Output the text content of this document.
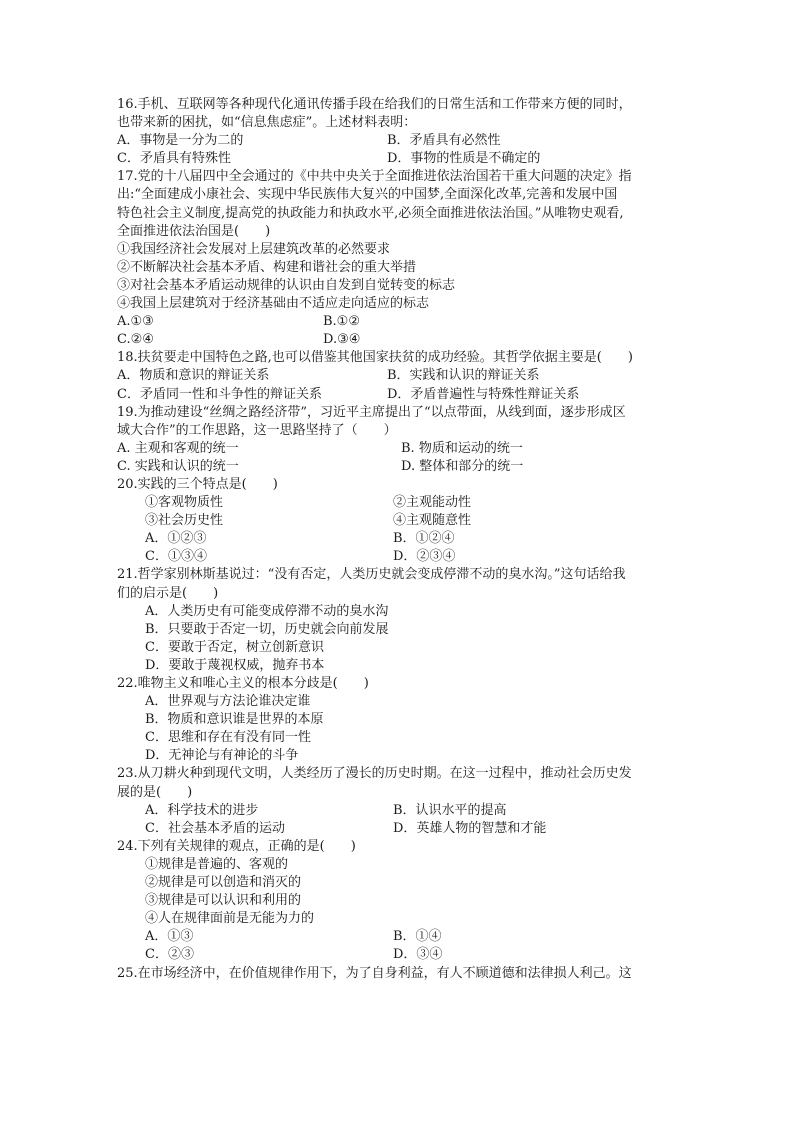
16.手机、互联网等各种现代化通讯传播手段在给我们的日常生活和工作带来方便的同时，
也带来新的困扰，如“信息焦虑症”。上述材料表明：
A．事物是一分为二的	B．矛盾具有必然性
C．矛盾具有特殊性	D．事物的性质是不确定的
17.党的十八届四中全会通过的《中共中央关于全面推进依法治国若干重大问题的决定》指
出:“全面建成小康社会、实现中华民族伟大复兴的中国梦,全面深化改革,完善和发展中国
特色社会主义制度,提高党的执政能力和执政水平,必须全面推进依法治国。”从唯物史观看,
全面推进依法治国是(　　)
①我国经济社会发展对上层建筑改革的必然要求
②不断解决社会基本矛盾、构建和谐社会的重大举措
③对社会基本矛盾运动规律的认识由自发到自觉转变的标志
④我国上层建筑对于经济基础由不适应走向适应的标志
A.①③	B.①②
C.②④	D.③④
18.扶贫要走中国特色之路,也可以借鉴其他国家扶贫的成功经验。其哲学依据主要是(　　)
A．物质和意识的辩证关系	B．实践和认识的辩证关系
C．矛盾同一性和斗争性的辩证关系	D．矛盾普遍性与特殊性辩证关系
19.为推动建设“丝绸之路经济带”，习近平主席提出了“以点带面，从线到面，逐步形成区
域大合作”的工作思路，这一思路坚持了（　　）
A. 主观和客观的统一	B. 物质和运动的统一
C. 实践和认识的统一	D. 整体和部分的统一
20.实践的三个特点是(　　)
①客观物质性	②主观能动性
③社会历史性	④主观随意性
A．①②③	B．①②④
C．①③④	D．②③④
21.哲学家别林斯基说过：“没有否定，人类历史就会变成停滞不动的臭水沟。”这句话给我
们的启示是(　　)
A．人类历史有可能变成停滞不动的臭水沟
B．只要敢于否定一切，历史就会向前发展
C．要敢于否定，树立创新意识
D．要敢于蔑视权威，抛弃书本
22.唯物主义和唯心主义的根本分歧是(　　)
A．世界观与方法论谁决定谁
B．物质和意识谁是世界的本原
C．思维和存在有没有同一性
D．无神论与有神论的斗争
23.从刀耕火种到现代文明，人类经历了漫长的历史时期。在这一过程中，推动社会历史发
展的是(　　)
A．科学技术的进步	B．认识水平的提高
C．社会基本矛盾的运动	D．英雄人物的智慧和才能
24.下列有关规律的观点，正确的是(　　)
①规律是普遍的、客观的
②规律是可以创造和消灭的
③规律是可以认识和利用的
④人在规律面前是无能为力的
A．①③	B．①④
C．②③	D．③④
25.在市场经济中，在价值规律作用下，为了自身利益，有人不顾道德和法律损人利己。这
